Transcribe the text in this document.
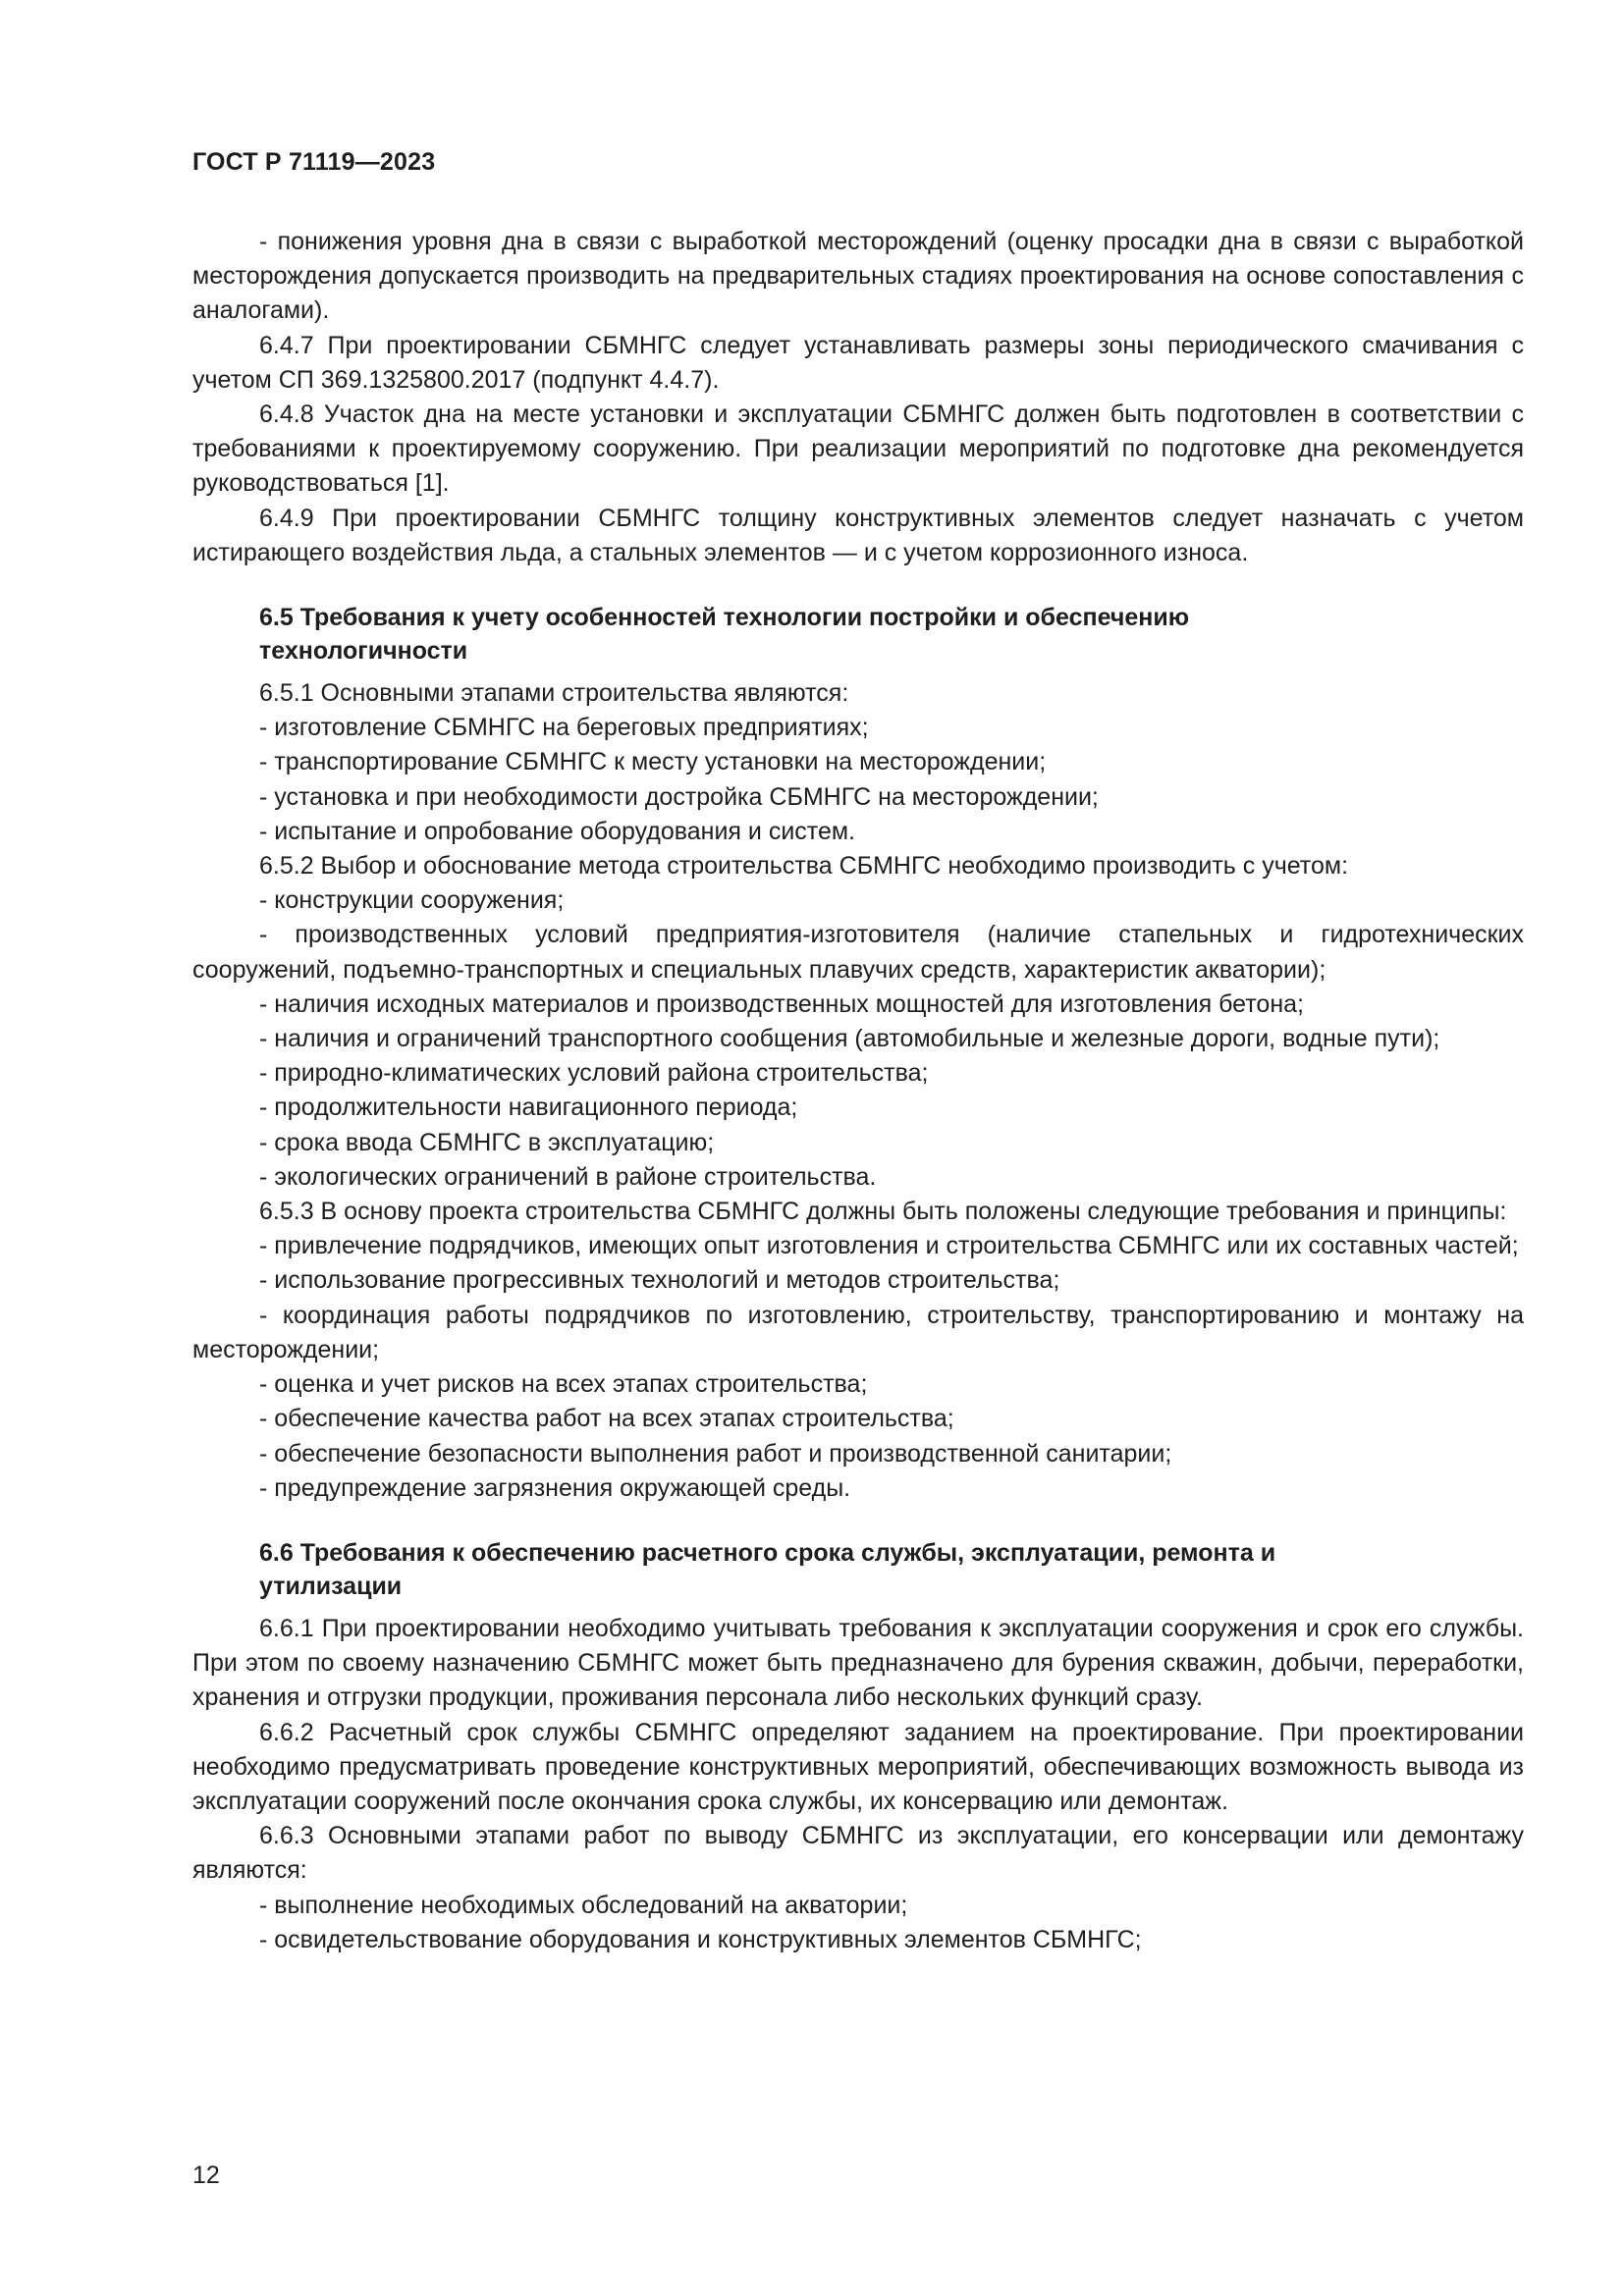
ГОСТ Р 71119—2023

- понижения уровня дна в связи с выработкой месторождений (оценку просадки дна в связи с выработкой месторождения допускается производить на предварительных стадиях проектирования на основе сопоставления с аналогами).

6.4.7 При проектировании СБМНГС следует устанавливать размеры зоны периодического смачивания с учетом СП 369.1325800.2017 (подпункт 4.4.7).

6.4.8 Участок дна на месте установки и эксплуатации СБМНГС должен быть подготовлен в соответствии с требованиями к проектируемому сооружению. При реализации мероприятий по подготовке дна рекомендуется руководствоваться [1].

6.4.9 При проектировании СБМНГС толщину конструктивных элементов следует назначать с учетом истирающего воздействия льда, а стальных элементов — и с учетом коррозионного износа.

6.5 Требования к учету особенностей технологии постройки и обеспечению технологичности

6.5.1 Основными этапами строительства являются:

- изготовление СБМНГС на береговых предприятиях;

- транспортирование СБМНГС к месту установки на месторождении;

- установка и при необходимости достройка СБМНГС на месторождении;

- испытание и опробование оборудования и систем.

6.5.2 Выбор и обоснование метода строительства СБМНГС необходимо производить с учетом:

- конструкции сооружения;

- производственных условий предприятия-изготовителя (наличие стапельных и гидротехнических сооружений, подъемно-транспортных и специальных плавучих средств, характеристик акватории);

- наличия исходных материалов и производственных мощностей для изготовления бетона;

- наличия и ограничений транспортного сообщения (автомобильные и железные дороги, водные пути);

- природно-климатических условий района строительства;

- продолжительности навигационного периода;

- срока ввода СБМНГС в эксплуатацию;

- экологических ограничений в районе строительства.

6.5.3 В основу проекта строительства СБМНГС должны быть положены следующие требования и принципы:

- привлечение подрядчиков, имеющих опыт изготовления и строительства СБМНГС или их составных частей;

- использование прогрессивных технологий и методов строительства;

- координация работы подрядчиков по изготовлению, строительству, транспортированию и монтажу на месторождении;

- оценка и учет рисков на всех этапах строительства;

- обеспечение качества работ на всех этапах строительства;

- обеспечение безопасности выполнения работ и производственной санитарии;

- предупреждение загрязнения окружающей среды.

6.6 Требования к обеспечению расчетного срока службы, эксплуатации, ремонта и утилизации

6.6.1 При проектировании необходимо учитывать требования к эксплуатации сооружения и срок его службы. При этом по своему назначению СБМНГС может быть предназначено для бурения скважин, добычи, переработки, хранения и отгрузки продукции, проживания персонала либо нескольких функций сразу.

6.6.2 Расчетный срок службы СБМНГС определяют заданием на проектирование. При проектировании необходимо предусматривать проведение конструктивных мероприятий, обеспечивающих возможность вывода из эксплуатации сооружений после окончания срока службы, их консервацию или демонтаж.

6.6.3 Основными этапами работ по выводу СБМНГС из эксплуатации, его консервации или демонтажу являются:

- выполнение необходимых обследований на акватории;

- освидетельствование оборудования и конструктивных элементов СБМНГС;

12
